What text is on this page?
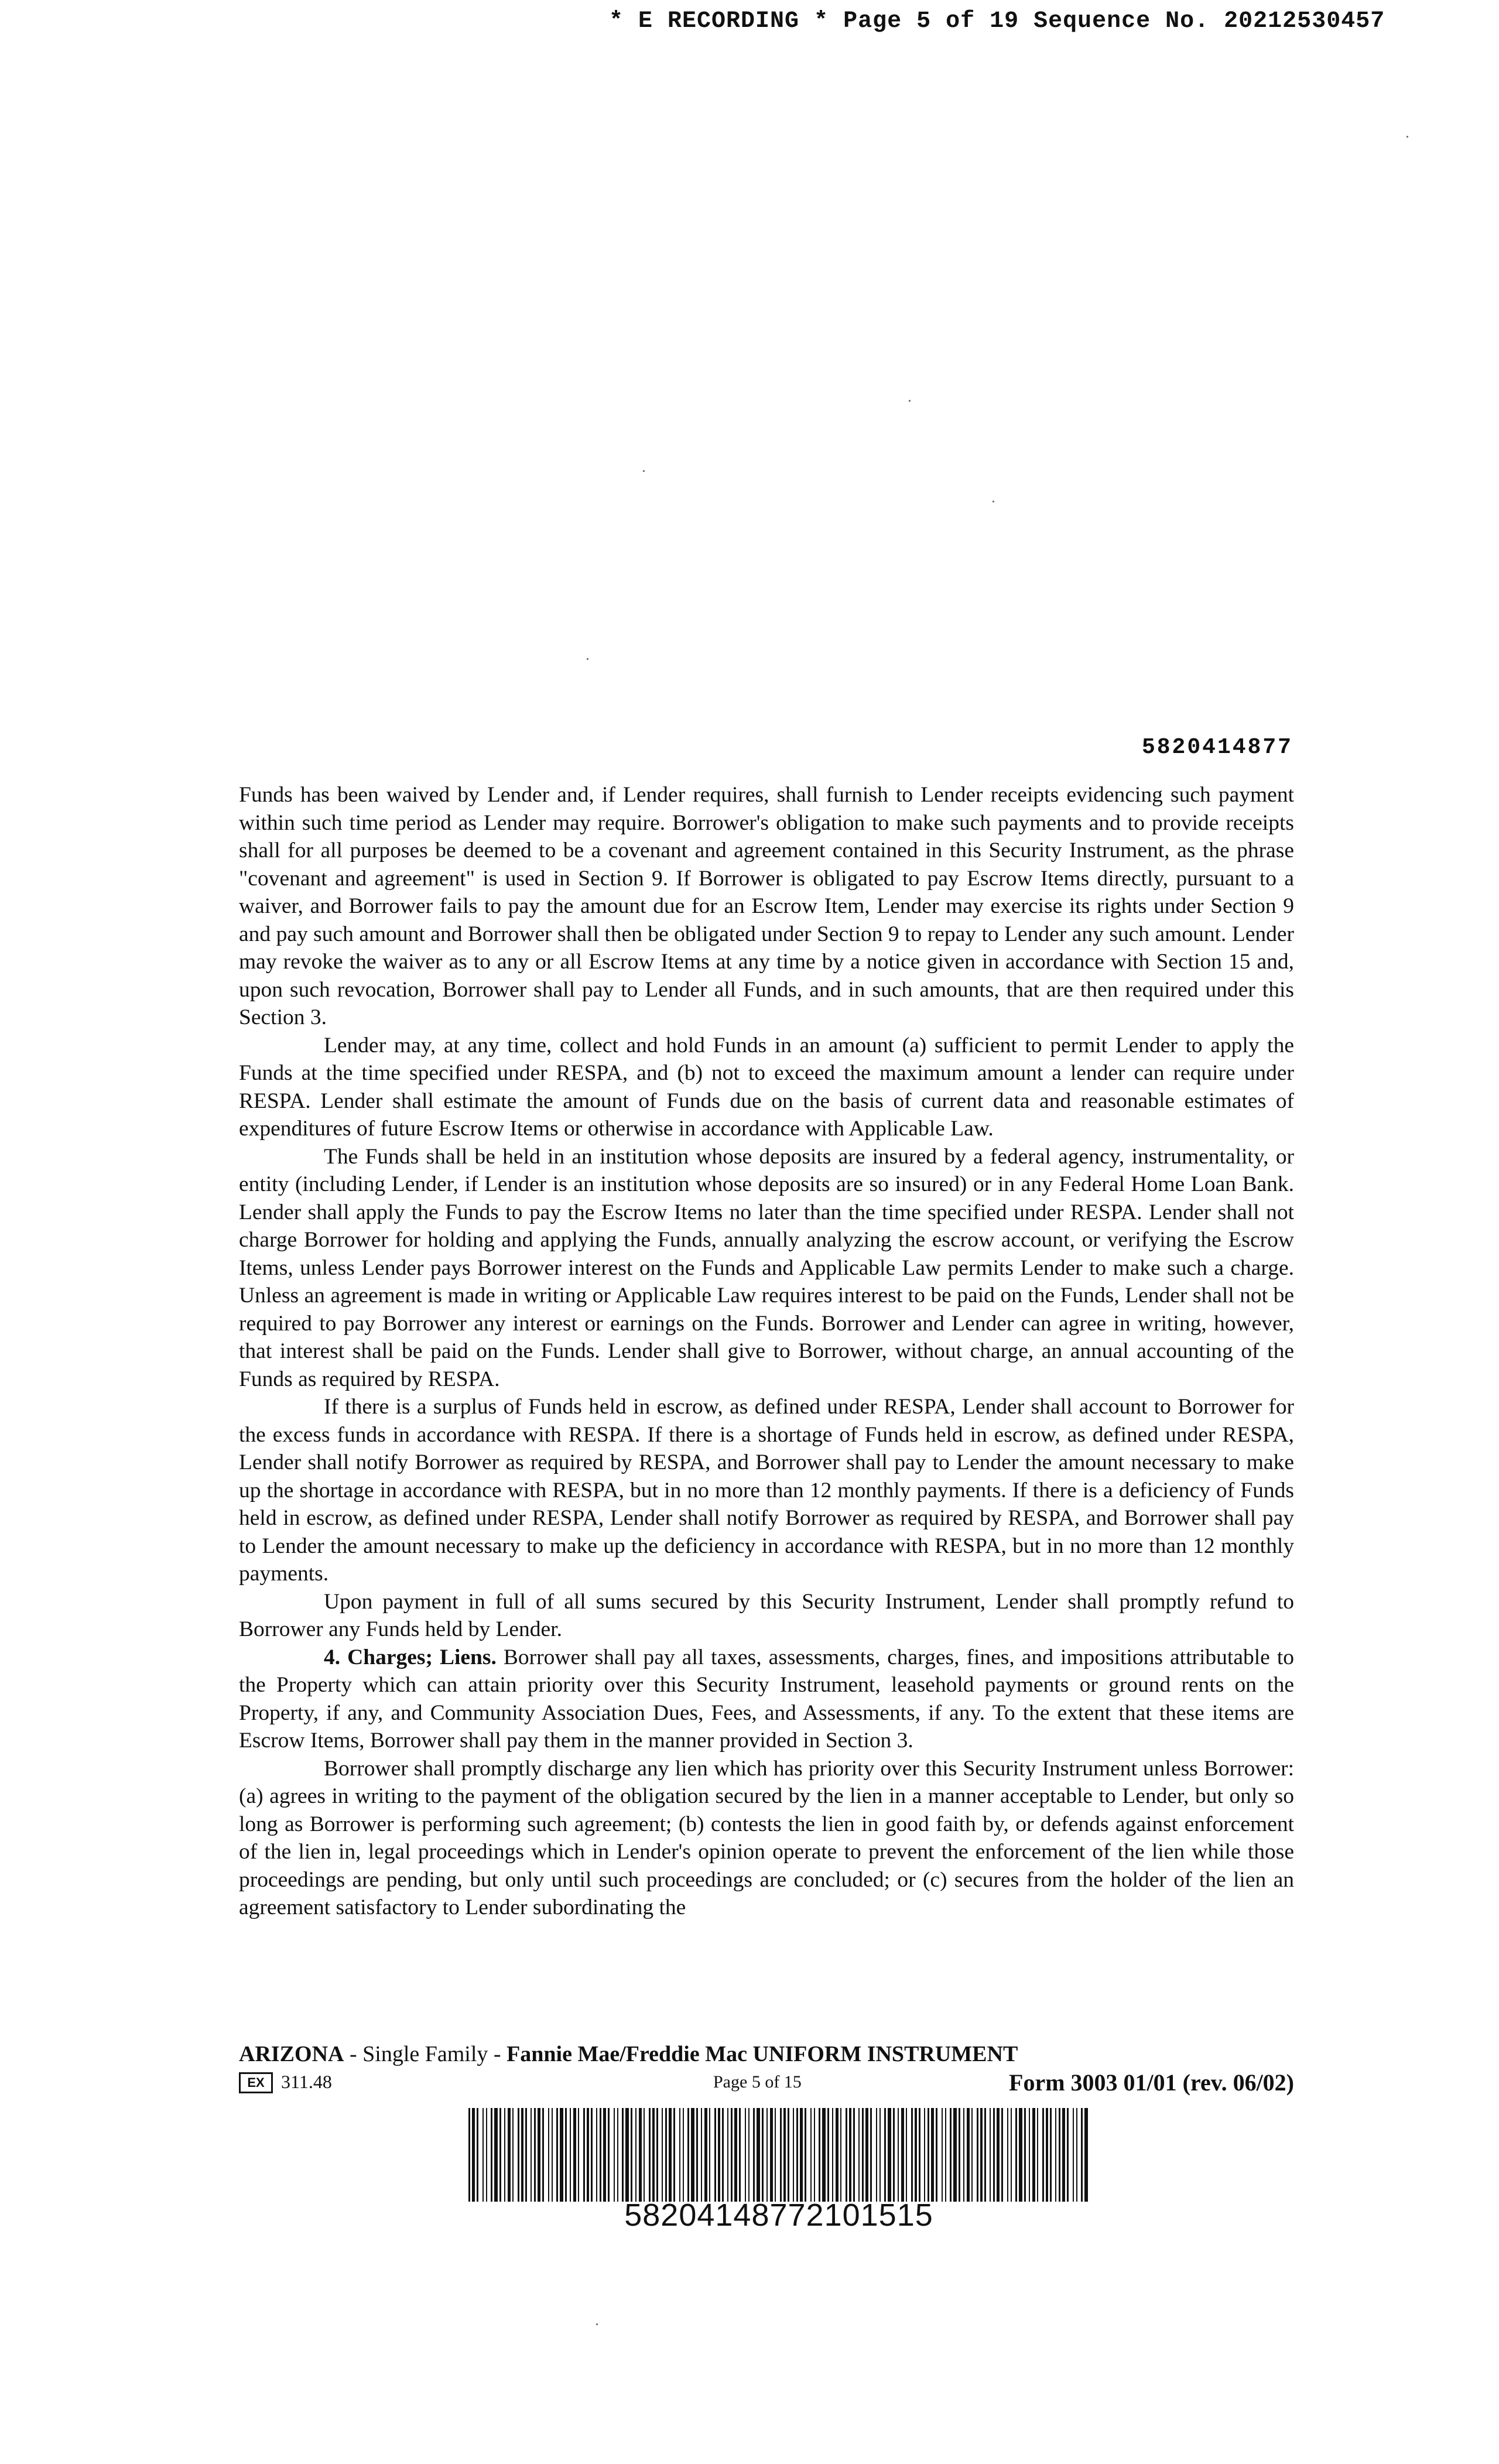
* E RECORDING * Page 5 of 19 Sequence No. 20212530457
5820414877

Funds has been waived by Lender and, if Lender requires, shall furnish to Lender receipts evidencing such payment within such time period as Lender may require. Borrower's obligation to make such payments and to provide receipts shall for all purposes be deemed to be a covenant and agreement contained in this Security Instrument, as the phrase "covenant and agreement" is used in Section 9. If Borrower is obligated to pay Escrow Items directly, pursuant to a waiver, and Borrower fails to pay the amount due for an Escrow Item, Lender may exercise its rights under Section 9 and pay such amount and Borrower shall then be obligated under Section 9 to repay to Lender any such amount. Lender may revoke the waiver as to any or all Escrow Items at any time by a notice given in accordance with Section 15 and, upon such revocation, Borrower shall pay to Lender all Funds, and in such amounts, that are then required under this Section 3.

Lender may, at any time, collect and hold Funds in an amount (a) sufficient to permit Lender to apply the Funds at the time specified under RESPA, and (b) not to exceed the maximum amount a lender can require under RESPA. Lender shall estimate the amount of Funds due on the basis of current data and reasonable estimates of expenditures of future Escrow Items or otherwise in accordance with Applicable Law.

The Funds shall be held in an institution whose deposits are insured by a federal agency, instrumentality, or entity (including Lender, if Lender is an institution whose deposits are so insured) or in any Federal Home Loan Bank. Lender shall apply the Funds to pay the Escrow Items no later than the time specified under RESPA. Lender shall not charge Borrower for holding and applying the Funds, annually analyzing the escrow account, or verifying the Escrow Items, unless Lender pays Borrower interest on the Funds and Applicable Law permits Lender to make such a charge. Unless an agreement is made in writing or Applicable Law requires interest to be paid on the Funds, Lender shall not be required to pay Borrower any interest or earnings on the Funds. Borrower and Lender can agree in writing, however, that interest shall be paid on the Funds. Lender shall give to Borrower, without charge, an annual accounting of the Funds as required by RESPA.

If there is a surplus of Funds held in escrow, as defined under RESPA, Lender shall account to Borrower for the excess funds in accordance with RESPA. If there is a shortage of Funds held in escrow, as defined under RESPA, Lender shall notify Borrower as required by RESPA, and Borrower shall pay to Lender the amount necessary to make up the shortage in accordance with RESPA, but in no more than 12 monthly payments. If there is a deficiency of Funds held in escrow, as defined under RESPA, Lender shall notify Borrower as required by RESPA, and Borrower shall pay to Lender the amount necessary to make up the deficiency in accordance with RESPA, but in no more than 12 monthly payments.

Upon payment in full of all sums secured by this Security Instrument, Lender shall promptly refund to Borrower any Funds held by Lender.

4. Charges; Liens. Borrower shall pay all taxes, assessments, charges, fines, and impositions attributable to the Property which can attain priority over this Security Instrument, leasehold payments or ground rents on the Property, if any, and Community Association Dues, Fees, and Assessments, if any. To the extent that these items are Escrow Items, Borrower shall pay them in the manner provided in Section 3.

Borrower shall promptly discharge any lien which has priority over this Security Instrument unless Borrower: (a) agrees in writing to the payment of the obligation secured by the lien in a manner acceptable to Lender, but only so long as Borrower is performing such agreement; (b) contests the lien in good faith by, or defends against enforcement of the lien in, legal proceedings which in Lender's opinion operate to prevent the enforcement of the lien while those proceedings are pending, but only until such proceedings are concluded; or (c) secures from the holder of the lien an agreement satisfactory to Lender subordinating the

ARIZONA - Single Family - Fannie Mae/Freddie Mac UNIFORM INSTRUMENT
EX 311.48	Page 5 of 15	Form 3003 01/01 (rev. 06/02)
58204148772101515
